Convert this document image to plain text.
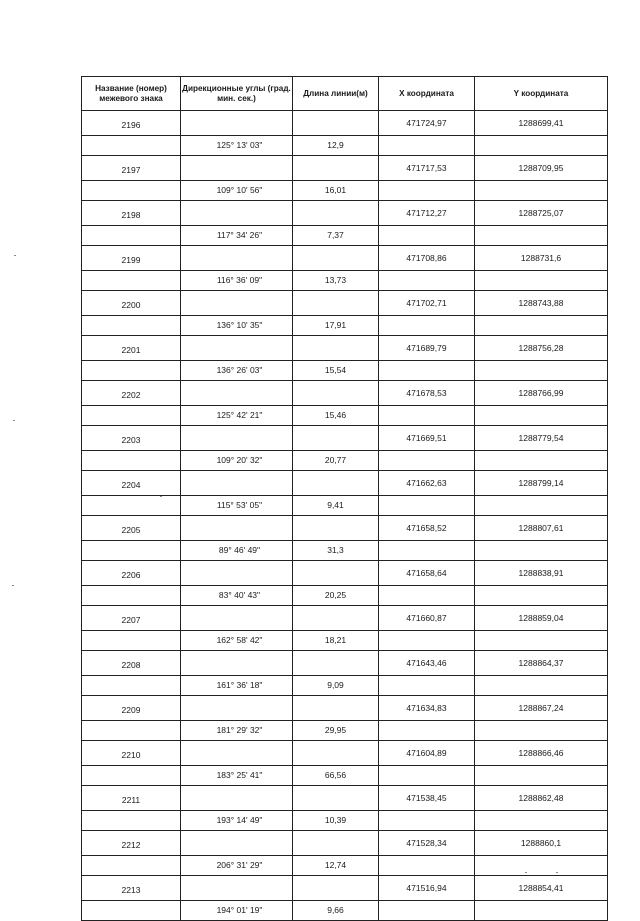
Название (номер) межевого знака	Дирекционные углы (град. мин. сек.)	Длина линии(м)	X координата	Y координата
2196			471724,97	1288699,41
	125° 13' 03"	12,9		
2197			471717,53	1288709,95
	109° 10' 56"	16,01		
2198			471712,27	1288725,07
	117° 34' 26"	7,37		
2199			471708,86	1288731,6
	116° 36' 09"	13,73		
2200			471702,71	1288743,88
	136° 10' 35"	17,91		
2201			471689,79	1288756,28
	136° 26' 03"	15,54		
2202			471678,53	1288766,99
	125° 42' 21"	15,46		
2203			471669,51	1288779,54
	109° 20' 32"	20,77		
2204			471662,63	1288799,14
	115° 53' 05"	9,41		
2205			471658,52	1288807,61
	89° 46' 49"	31,3		
2206			471658,64	1288838,91
	83° 40' 43"	20,25		
2207			471660,87	1288859,04
	162° 58' 42"	18,21		
2208			471643,46	1288864,37
	161° 36' 18"	9,09		
2209			471634,83	1288867,24
	181° 29' 32"	29,95		
2210			471604,89	1288866,46
	183° 25' 41"	66,56		
2211			471538,45	1288862,48
	193° 14' 49"	10,39		
2212			471528,34	1288860,1
	206° 31' 29"	12,74		
2213			471516,94	1288854,41
	194° 01' 19"	9,66		
